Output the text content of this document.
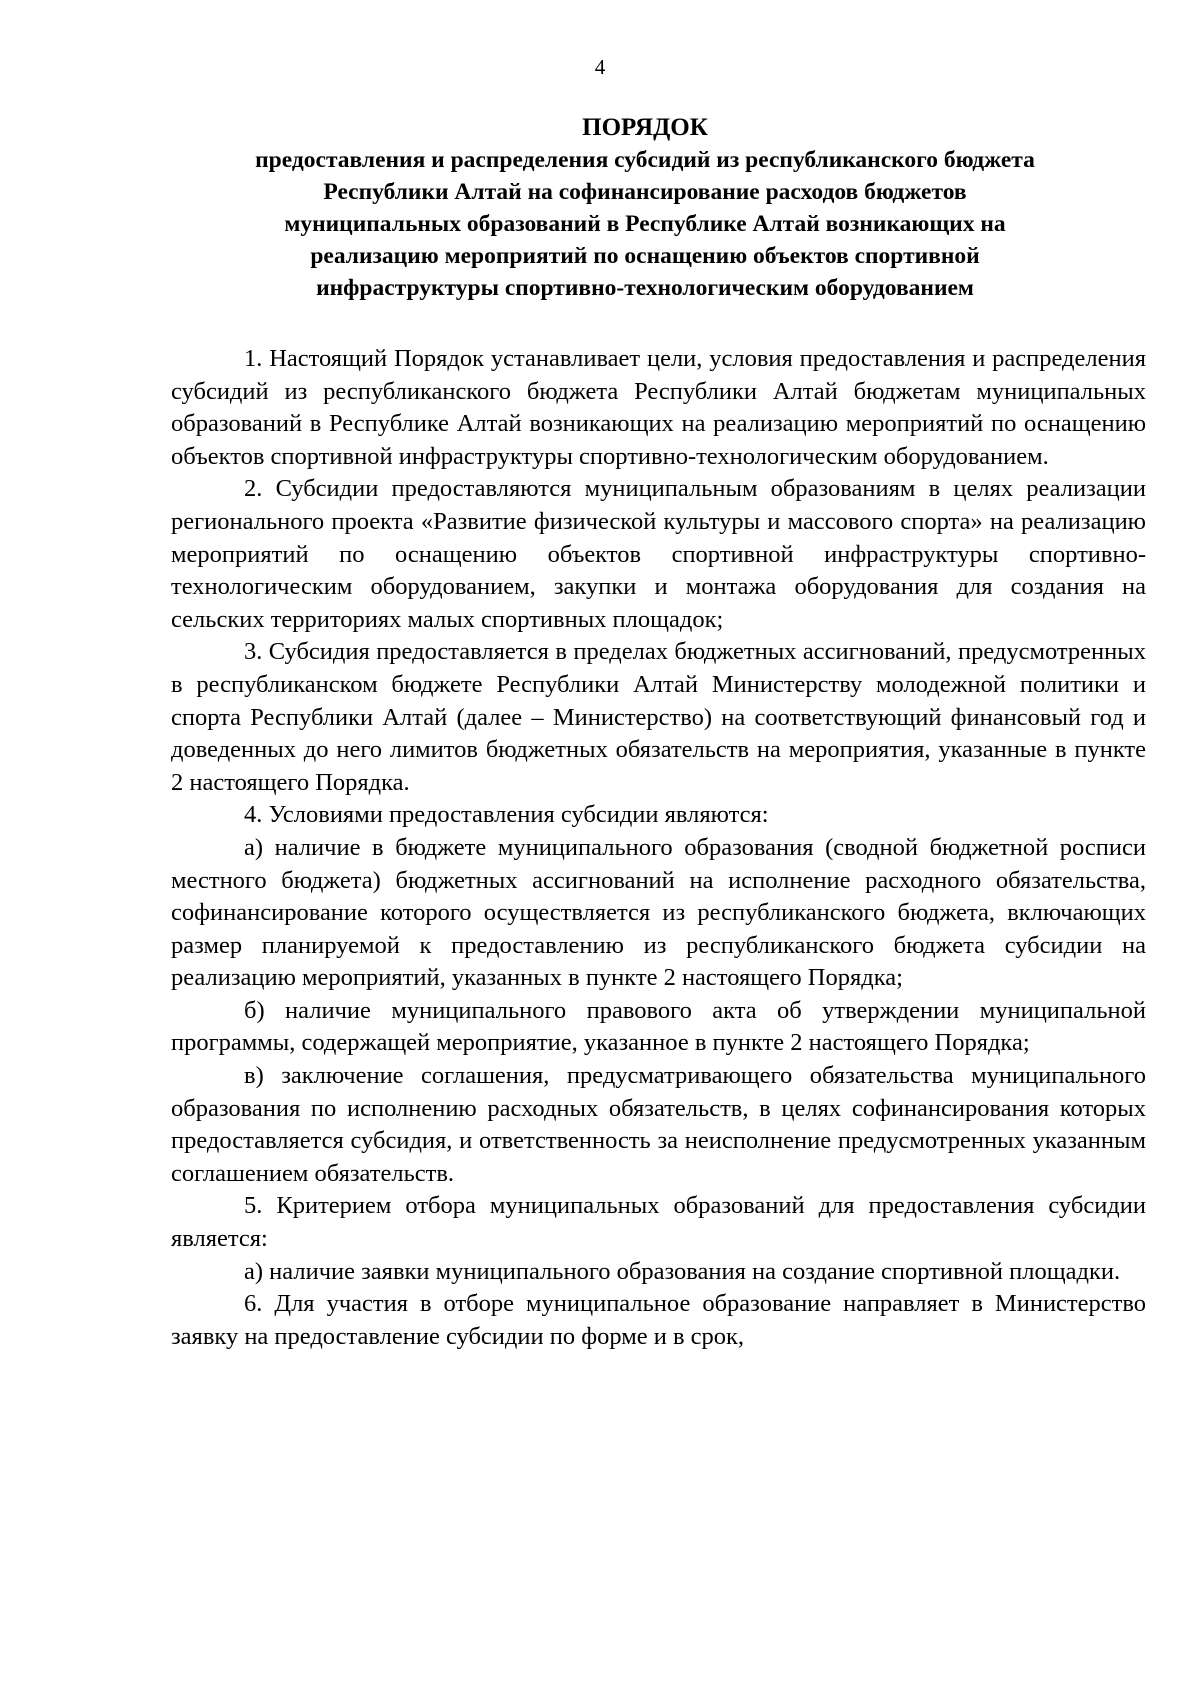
4
ПОРЯДОК
предоставления и распределения субсидий из республиканского бюджета
Республики Алтай на софинансирование расходов бюджетов
муниципальных образований в Республике Алтай возникающих на
реализацию мероприятий по оснащению объектов спортивной
инфраструктуры спортивно-технологическим оборудованием

1. Настоящий Порядок устанавливает цели, условия предоставления и распределения субсидий из республиканского бюджета Республики Алтай бюджетам муниципальных образований в Республике Алтай возникающих на реализацию мероприятий по оснащению объектов спортивной инфраструктуры спортивно-технологическим оборудованием.

2. Субсидии предоставляются муниципальным образованиям в целях реализации регионального проекта «Развитие физической культуры и массового спорта» на реализацию мероприятий по оснащению объектов спортивной инфраструктуры спортивно-технологическим оборудованием, закупки и монтажа оборудования для создания на сельских территориях малых спортивных площадок;

3. Субсидия предоставляется в пределах бюджетных ассигнований, предусмотренных в республиканском бюджете Республики Алтай Министерству молодежной политики и спорта Республики Алтай (далее – Министерство) на соответствующий финансовый год и доведенных до него лимитов бюджетных обязательств на мероприятия, указанные в пункте 2 настоящего Порядка.

4. Условиями предоставления субсидии являются:

а) наличие в бюджете муниципального образования (сводной бюджетной росписи местного бюджета) бюджетных ассигнований на исполнение расходного обязательства, софинансирование которого осуществляется из республиканского бюджета, включающих размер планируемой к предоставлению из республиканского бюджета субсидии на реализацию мероприятий, указанных в пункте 2 настоящего Порядка;

б) наличие муниципального правового акта об утверждении муниципальной программы, содержащей мероприятие, указанное в пункте 2 настоящего Порядка;

в) заключение соглашения, предусматривающего обязательства муниципального образования по исполнению расходных обязательств, в целях софинансирования которых предоставляется субсидия, и ответственность за неисполнение предусмотренных указанным соглашением обязательств.

5. Критерием отбора муниципальных образований для предоставления субсидии является:

а) наличие заявки муниципального образования на создание спортивной площадки.

6. Для участия в отборе муниципальное образование направляет в Министерство заявку на предоставление субсидии по форме и в срок,
